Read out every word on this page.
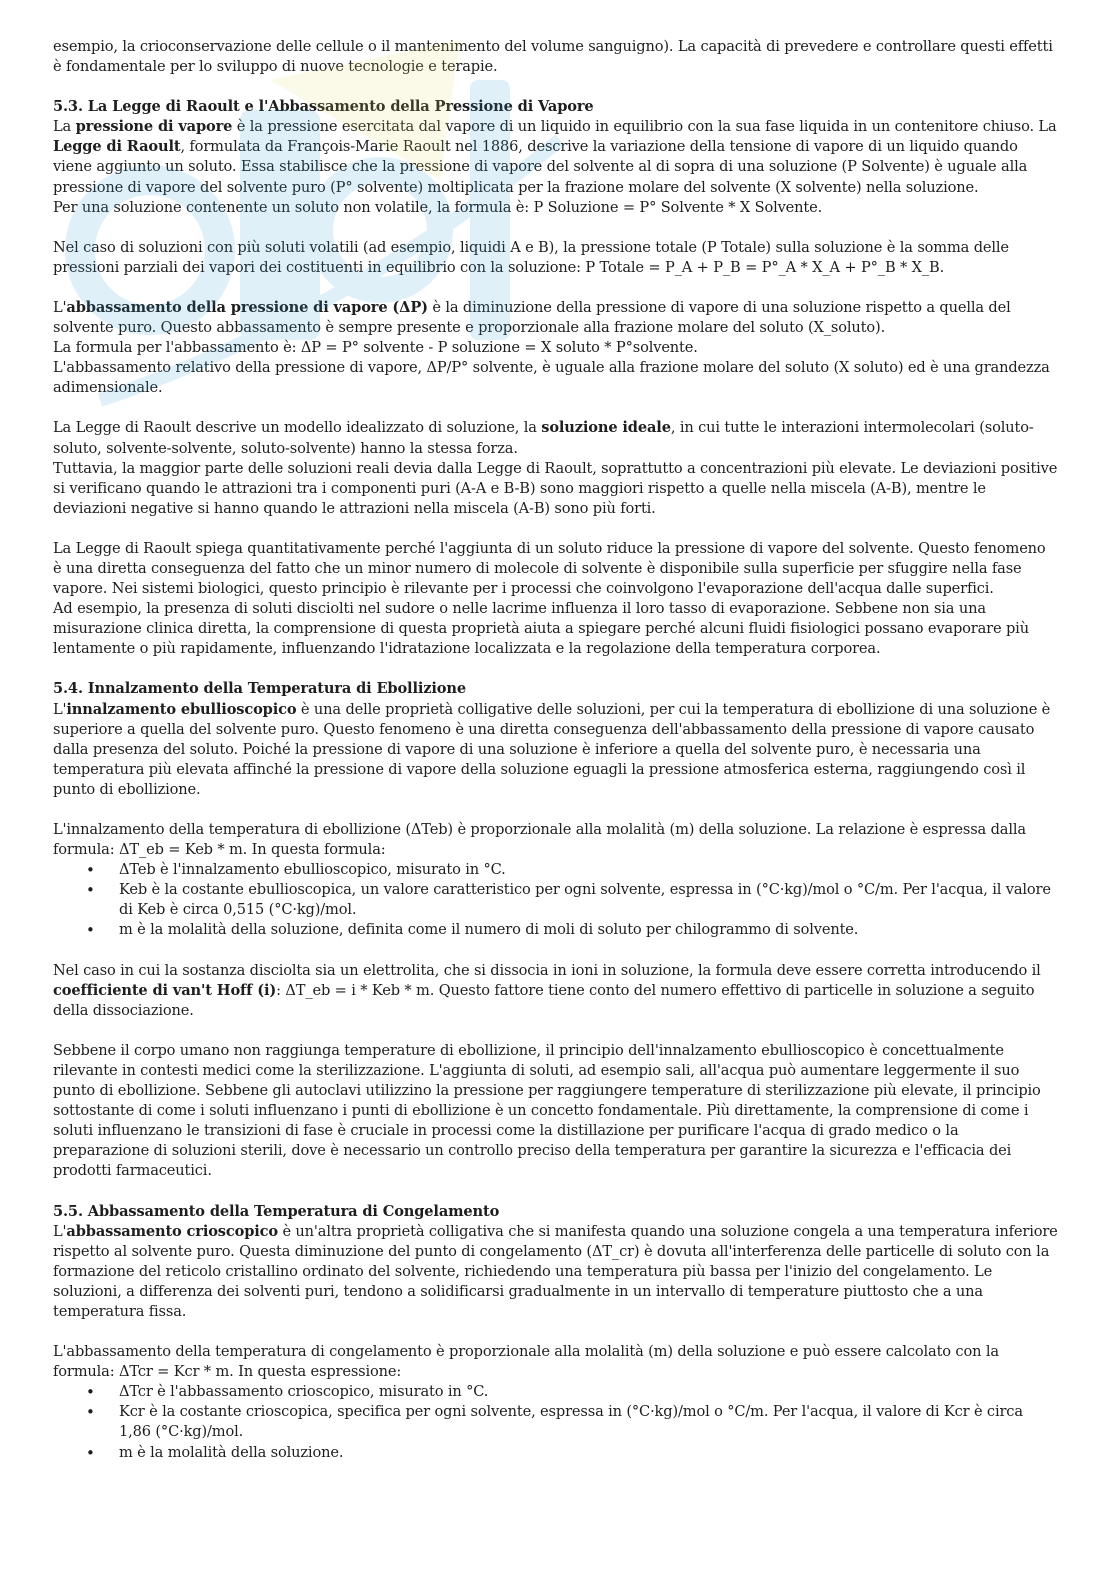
esempio, la crioconservazione delle cellule o il mantenimento del volume sanguigno). La capacità di prevedere e controllare questi effetti è fondamentale per lo sviluppo di nuove tecnologie e terapie.

5.3. La Legge di Raoult e l'Abbassamento della Pressione di Vapore

La pressione di vapore è la pressione esercitata dal vapore di un liquido in equilibrio con la sua fase liquida in un contenitore chiuso. La Legge di Raoult, formulata da François-Marie Raoult nel 1886, descrive la variazione della tensione di vapore di un liquido quando viene aggiunto un soluto. Essa stabilisce che la pressione di vapore del solvente al di sopra di una soluzione (P Solvente) è uguale alla pressione di vapore del solvente puro (P° solvente) moltiplicata per la frazione molare del solvente (X solvente) nella soluzione.

Per una soluzione contenente un soluto non volatile, la formula è: P Soluzione = P° Solvente * X Solvente.

Nel caso di soluzioni con più soluti volatili (ad esempio, liquidi A e B), la pressione totale (P Totale) sulla soluzione è la somma delle pressioni parziali dei vapori dei costituenti in equilibrio con la soluzione: P Totale = P_A + P_B = P°_A * X_A + P°_B * X_B.

L'abbassamento della pressione di vapore (ΔP) è la diminuzione della pressione di vapore di una soluzione rispetto a quella del solvente puro. Questo abbassamento è sempre presente e proporzionale alla frazione molare del soluto (X_soluto).

La formula per l'abbassamento è: ΔP = P° solvente - P soluzione = X soluto * P°solvente.

L'abbassamento relativo della pressione di vapore, ΔP/P° solvente, è uguale alla frazione molare del soluto (X soluto) ed è una grandezza adimensionale.

La Legge di Raoult descrive un modello idealizzato di soluzione, la soluzione ideale, in cui tutte le interazioni intermolecolari (soluto-soluto, solvente-solvente, soluto-solvente) hanno la stessa forza.

Tuttavia, la maggior parte delle soluzioni reali devia dalla Legge di Raoult, soprattutto a concentrazioni più elevate. Le deviazioni positive si verificano quando le attrazioni tra i componenti puri (A-A e B-B) sono maggiori rispetto a quelle nella miscela (A-B), mentre le deviazioni negative si hanno quando le attrazioni nella miscela (A-B) sono più forti.

La Legge di Raoult spiega quantitativamente perché l'aggiunta di un soluto riduce la pressione di vapore del solvente. Questo fenomeno è una diretta conseguenza del fatto che un minor numero di molecole di solvente è disponibile sulla superficie per sfuggire nella fase vapore. Nei sistemi biologici, questo principio è rilevante per i processi che coinvolgono l'evaporazione dell'acqua dalle superfici.

Ad esempio, la presenza di soluti disciolti nel sudore o nelle lacrime influenza il loro tasso di evaporazione. Sebbene non sia una misurazione clinica diretta, la comprensione di questa proprietà aiuta a spiegare perché alcuni fluidi fisiologici possano evaporare più lentamente o più rapidamente, influenzando l'idratazione localizzata e la regolazione della temperatura corporea.

5.4. Innalzamento della Temperatura di Ebollizione

L'innalzamento ebullioscopico è una delle proprietà colligative delle soluzioni, per cui la temperatura di ebollizione di una soluzione è superiore a quella del solvente puro. Questo fenomeno è una diretta conseguenza dell'abbassamento della pressione di vapore causato dalla presenza del soluto. Poiché la pressione di vapore di una soluzione è inferiore a quella del solvente puro, è necessaria una temperatura più elevata affinché la pressione di vapore della soluzione eguagli la pressione atmosferica esterna, raggiungendo così il punto di ebollizione.

L'innalzamento della temperatura di ebollizione (ΔTeb) è proporzionale alla molalità (m) della soluzione. La relazione è espressa dalla formula: ΔT_eb = Keb * m. In questa formula:

• ΔTeb è l'innalzamento ebullioscopico, misurato in °C.
• Keb è la costante ebullioscopica, un valore caratteristico per ogni solvente, espressa in (°C·kg)/mol o °C/m. Per l'acqua, il valore di Keb è circa 0,515 (°C·kg)/mol.
• m è la molalità della soluzione, definita come il numero di moli di soluto per chilogrammo di solvente.

Nel caso in cui la sostanza disciolta sia un elettrolita, che si dissocia in ioni in soluzione, la formula deve essere corretta introducendo il coefficiente di van't Hoff (i): ΔT_eb = i * Keb * m. Questo fattore tiene conto del numero effettivo di particelle in soluzione a seguito della dissociazione.

Sebbene il corpo umano non raggiunga temperature di ebollizione, il principio dell'innalzamento ebullioscopico è concettualmente rilevante in contesti medici come la sterilizzazione. L'aggiunta di soluti, ad esempio sali, all'acqua può aumentare leggermente il suo punto di ebollizione. Sebbene gli autoclavi utilizzino la pressione per raggiungere temperature di sterilizzazione più elevate, il principio sottostante di come i soluti influenzano i punti di ebollizione è un concetto fondamentale. Più direttamente, la comprensione di come i soluti influenzano le transizioni di fase è cruciale in processi come la distillazione per purificare l'acqua di grado medico o la preparazione di soluzioni sterili, dove è necessario un controllo preciso della temperatura per garantire la sicurezza e l'efficacia dei prodotti farmaceutici.

5.5. Abbassamento della Temperatura di Congelamento

L'abbassamento crioscopico è un'altra proprietà colligativa che si manifesta quando una soluzione congela a una temperatura inferiore rispetto al solvente puro. Questa diminuzione del punto di congelamento (ΔT_cr) è dovuta all'interferenza delle particelle di soluto con la formazione del reticolo cristallino ordinato del solvente, richiedendo una temperatura più bassa per l'inizio del congelamento. Le soluzioni, a differenza dei solventi puri, tendono a solidificarsi gradualmente in un intervallo di temperature piuttosto che a una temperatura fissa.

L'abbassamento della temperatura di congelamento è proporzionale alla molalità (m) della soluzione e può essere calcolato con la formula: ΔTcr = Kcr * m. In questa espressione:

• ΔTcr è l'abbassamento crioscopico, misurato in °C.
• Kcr è la costante crioscopica, specifica per ogni solvente, espressa in (°C·kg)/mol o °C/m. Per l'acqua, il valore di Kcr è circa 1,86 (°C·kg)/mol.
• m è la molalità della soluzione.
